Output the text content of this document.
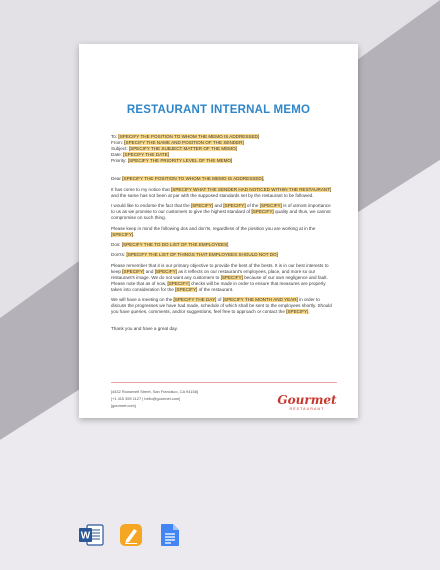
RESTAURANT INTERNAL MEMO

To: [SPECIFY THE POSITION TO WHOM THE MEMO IS ADDRESSED]

From: [SPECIFY THE NAME AND POSITION OF THE SENDER]

Subject: [SPECIFY THE SUBJECT MATTER OF THE MEMO]

Date: [SPECIFY THE DATE]

Priority: [SPECIFY THE PRIORITY LEVEL OF THE MEMO]

Dear [SPECIFY THE POSITION TO WHOM THE MEMO IS ADDRESSED],

It has come to my notice that [SPECIFY WHAT THE SENDER HAD NOTICED WITHIN THE RESTAURANT] and the same has not been at par with the supposed standards set by the restaurant to be followed.

I would like to endorse the fact that the [SPECIFY] and [SPECIFY] of the [SPECIFY] is of utmost importance to us as we promise to our customers to give the highest standard of [SPECIFY] quality and thus, we cannot compromise on such thing.

Please keep in mind the following dos and don'ts, regardless of the position you are working at in the [SPECIFY].

Dos: [SPECIFY THE TO DO LIST OF THE EMPLOYEES]

Don'ts: [SPECIFY THE LIST OF THINGS THAT EMPLOYEES SHOULD NOT DO]

Please remember that it is our primary objective to provide the best of the bests. It is in our best interests to keep [SPECIFY] and [SPECIFY] as it reflects on our restaurant's employees, place, and more so our restaurant's image. We do not want any customers to [SPECIFY] because of our own negligence and fault. Please note that as of now, [SPECIFY] checks will be made in order to ensure that measures are properly taken into consideration for the [SPECIFY] of the restaurant.

We will have a meeting on the [SPECIFY THE DAY] of [SPECIFY THE MONTH AND YEAR] in order to discuss the progresses we have had made, schedule of which shall be sent to the employees shortly. Should you have queries, comments, and/or suggestions, feel free to approach or contact the [SPECIFY].

Thank you and have a great day.

[4432 Roosevelt Street, San Francisco, CA 94158]
[+1 415 359 1127 | hello@gourmet.com]
[gourmet.com]	Gourmet
RESTAURANT
W
